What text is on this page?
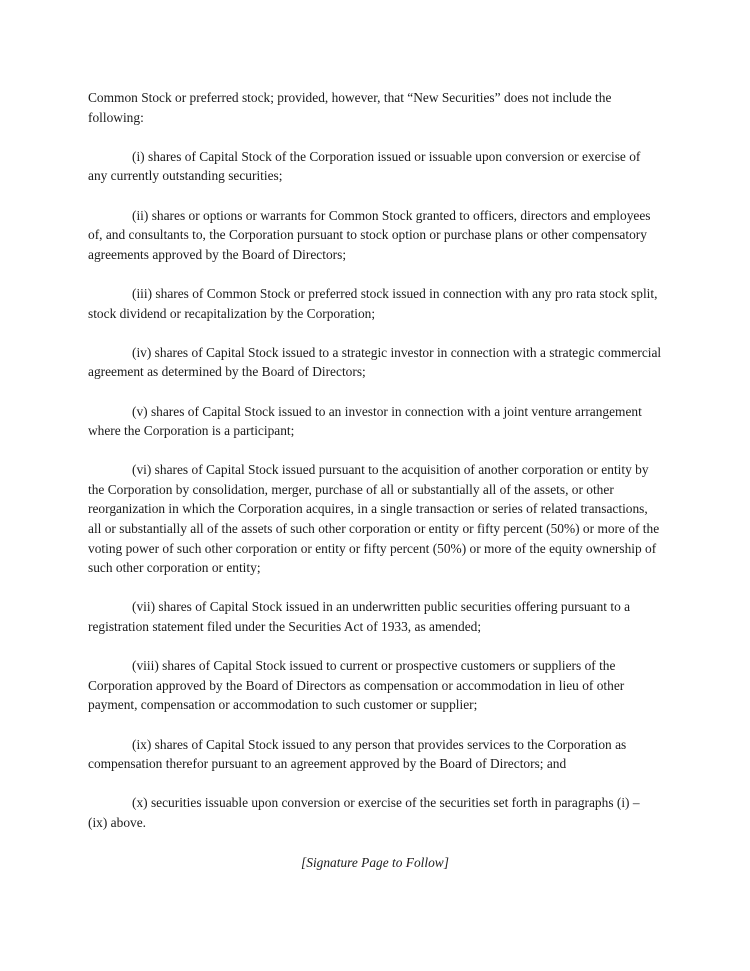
Common Stock or preferred stock; provided, however, that “New Securities” does not include the following:

(i) shares of Capital Stock of the Corporation issued or issuable upon conversion or exercise of any currently outstanding securities;

(ii) shares or options or warrants for Common Stock granted to officers, directors and employees of, and consultants to, the Corporation pursuant to stock option or purchase plans or other compensatory agreements approved by the Board of Directors;

(iii) shares of Common Stock or preferred stock issued in connection with any pro rata stock split, stock dividend or recapitalization by the Corporation;

(iv) shares of Capital Stock issued to a strategic investor in connection with a strategic commercial agreement as determined by the Board of Directors;

(v) shares of Capital Stock issued to an investor in connection with a joint venture arrangement where the Corporation is a participant;

(vi) shares of Capital Stock issued pursuant to the acquisition of another corporation or entity by the Corporation by consolidation, merger, purchase of all or substantially all of the assets, or other reorganization in which the Corporation acquires, in a single transaction or series of related transactions, all or substantially all of the assets of such other corporation or entity or fifty percent (50%) or more of the voting power of such other corporation or entity or fifty percent (50%) or more of the equity ownership of such other corporation or entity;

(vii) shares of Capital Stock issued in an underwritten public securities offering pursuant to a registration statement filed under the Securities Act of 1933, as amended;

(viii) shares of Capital Stock issued to current or prospective customers or suppliers of the Corporation approved by the Board of Directors as compensation or accommodation in lieu of other payment, compensation or accommodation to such customer or supplier;

(ix) shares of Capital Stock issued to any person that provides services to the Corporation as compensation therefor pursuant to an agreement approved by the Board of Directors; and

(x) securities issuable upon conversion or exercise of the securities set forth in paragraphs (i) – (ix) above.

[Signature Page to Follow]
